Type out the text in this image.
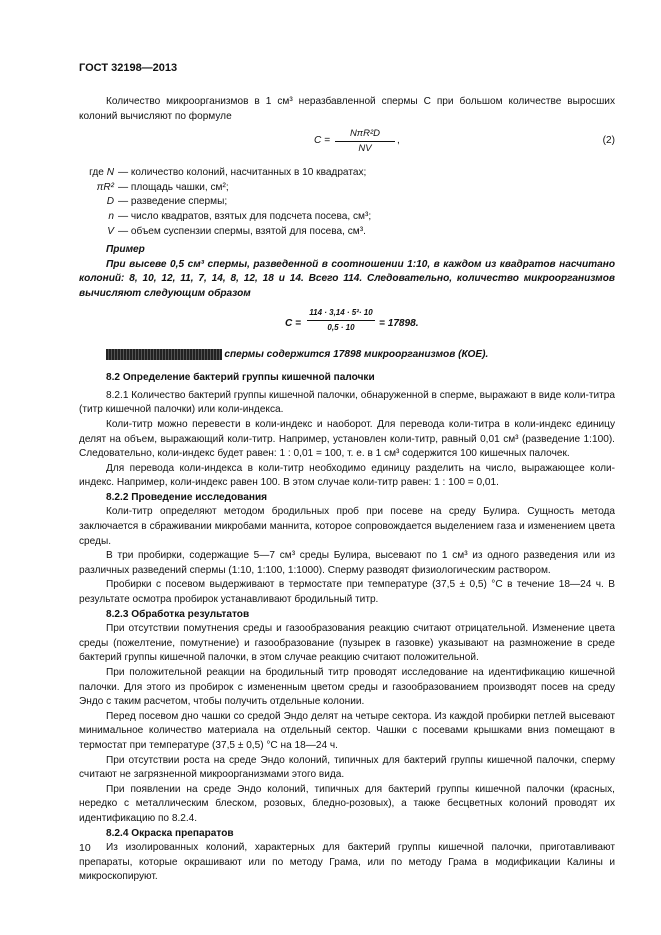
ГОСТ 32198—2013

Количество микроорганизмов в 1 см³ неразбавленной спермы C при большом количестве выросших колоний вычисляют по формуле

C =
NπR²D
NV
,	(2)
где N — количество колоний, насчитанных в 10 квадратах;
πR² — площадь чашки, см²;
D — разведение спермы;
n — число квадратов, взятых для подсчета посева, см³;
V — объем суспензии спермы, взятой для посева, см³.
Пример

При высеве 0,5 см³ спермы, разведенной в соотношении 1:10, в каждом из квадратов насчитано колоний: 8, 10, 12, 11, 7, 14, 8, 12, 18 и 14. Всего 114. Следовательно, количество микроорганизмов вычисляют следующим образом

C =
114 · 3,14 · 5²· 10
0,5 · 10	= 17898.

спермы содержится 17898 микроорганизмов (КОЕ).

8.2 Определение бактерий группы кишечной палочки

8.2.1 Количество бактерий группы кишечной палочки, обнаруженной в сперме, выражают в виде коли-титра (титр кишечной палочки) или коли-индекса.

Коли-титр можно перевести в коли-индекс и наоборот. Для перевода коли-титра в коли-индекс единицу делят на объем, выражающий коли-титр. Например, установлен коли-титр, равный 0,01 см³ (разведение 1:100). Следовательно, коли-индекс будет равен: 1 : 0,01 = 100, т. е. в 1 см³ содержится 100 кишечных палочек.

Для перевода коли-индекса в коли-титр необходимо единицу разделить на число, выражающее коли-индекс. Например, коли-индекс равен 100. В этом случае коли-титр равен: 1 : 100 = 0,01.

8.2.2 Проведение исследования

Коли-титр определяют методом бродильных проб при посеве на среду Булира. Сущность метода заключается в сбраживании микробами маннита, которое сопровождается выделением газа и изменением цвета среды.

В три пробирки, содержащие 5—7 см³ среды Булира, высевают по 1 см³ из одного разведения или из различных разведений спермы (1:10, 1:100, 1:1000). Сперму разводят физиологическим раствором.

Пробирки с посевом выдерживают в термостате при температуре (37,5 ± 0,5) °С в течение 18—24 ч. В результате осмотра пробирок устанавливают бродильный титр.

8.2.3 Обработка результатов

При отсутствии помутнения среды и газообразования реакцию считают отрицательной. Изменение цвета среды (пожелтение, помутнение) и газообразование (пузырек в газовке) указывают на размножение в среде бактерий группы кишечной палочки, в этом случае реакцию считают положительной.

При положительной реакции на бродильный титр проводят исследование на идентификацию кишечной палочки. Для этого из пробирок с измененным цветом среды и газообразованием производят посев на среду Эндо с таким расчетом, чтобы получить отдельные колонии.

Перед посевом дно чашки со средой Эндо делят на четыре сектора. Из каждой пробирки петлей высевают минимальное количество материала на отдельный сектор. Чашки с посевами крышками вниз помещают в термостат при температуре (37,5 ± 0,5) °С на 18—24 ч.

При отсутствии роста на среде Эндо колоний, типичных для бактерий группы кишечной палочки, сперму считают не загрязненной микроорганизмами этого вида.

При появлении на среде Эндо колоний, типичных для бактерий группы кишечной палочки (красных, нередко с металлическим блеском, розовых, бледно-розовых), а также бесцветных колоний проводят их идентификацию по 8.2.4.

8.2.4 Окраска препаратов

Из изолированных колоний, характерных для бактерий группы кишечной палочки, приготавливают препараты, которые окрашивают или по методу Грама, или по методу Грама в модификации Калины и микроскопируют.

10
